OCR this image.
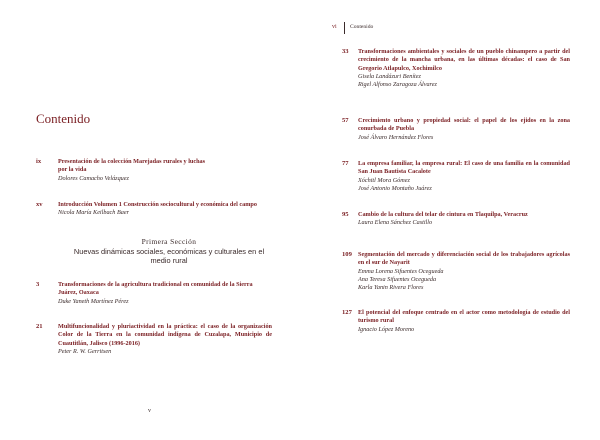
Contenido
ix	Presentación de la colección Marejadas rurales y luchas por la vida
Dolores Camacho Velázquez
xv Introducción Volumen 1 Construcción sociocultural y económica del campo
Nicola María Keilbach Baer
Primera Sección
Nuevas dinámicas sociales, económicas y culturales en el medio rural
3	Transformaciones de la agricultura tradicional en comunidad de la Sierra Juárez, Oaxaca
Duke Yaneth Martínez Pérez
21 Multifuncionalidad y pluriactividad en la práctica: el caso de la organización Color de la Tierra en la comunidad indígena de Cuzalapa, Municipio de Cuautitlán, Jalisco (1996-2016)
Peter R. W. Gerritsen
v
vi Contenido
33 Transformaciones ambientales y sociales de un pueblo chinampero a partir del crecimiento de la mancha urbana, en las últimas décadas: el caso de San Gregorio Atlapulco, Xochimilco
Gisela Landázuri Benítez
Rigel Alfonso Zaragoza Álvarez
57 Crecimiento urbano y propiedad social: el papel de los ejidos en la zona conurbada de Puebla
José Álvaro Hernández Flores
77 La empresa familiar, la empresa rural: El caso de una familia en la comunidad San Juan Bautista Cacalote
Xóchitl Mora Gómez
José Antonio Montaño Juárez
95 Cambio de la cultura del telar de cintura en Tlaquilpa, Veracruz
Laura Elena Sánchez Castillo
109 Segmentación del mercado y diferenciación social de los trabajadores agrícolas en el sur de Nayarit
Emma Lorena Sifuentes Ocegueda
Ana Teresa Sifuentes Ocegueda
Karla Yanin Rivera Flores
127 El potencial del enfoque centrado en el actor como metodología de estudio del turismo rural
Ignacio López Moreno
